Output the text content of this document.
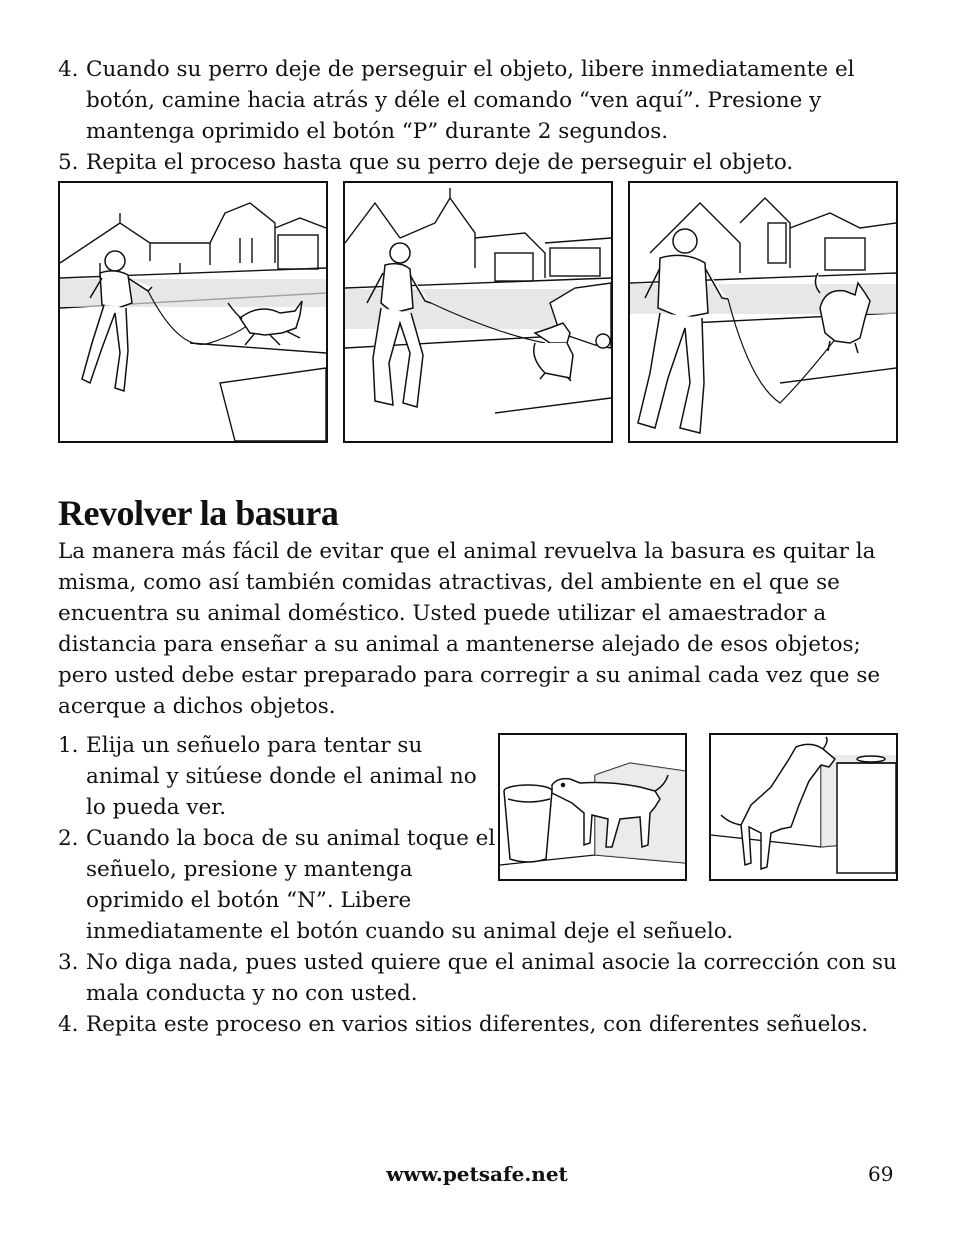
4. Cuando su perro deje de perseguir el objeto, libere inmediatamente el botón, camine hacia atrás y déle el comando “ven aquí”. Presione y mantenga oprimido el botón “P” durante 2 segundos.
5. Repita el proceso hasta que su perro deje de perseguir el objeto.
Revolver la basura

La manera más fácil de evitar que el animal revuelva la basura es quitar la misma, como así también comidas atractivas, del ambiente en el que se encuentra su animal doméstico. Usted puede utilizar el amaestrador a distancia para enseñar a su animal a mantenerse alejado de esos objetos; pero usted debe estar preparado para corregir a su animal cada vez que se acerque a dichos objetos.

1. Elija un señuelo para tentar su animal y sitúese donde el animal no lo pueda ver.
2. Cuando la boca de su animal toque el señuelo, presione y mantenga oprimido el botón “N”. Libere
inmediatamente el botón cuando su animal deje el señuelo.
3. No diga nada, pues usted quiere que el animal asocie la corrección con su mala conducta y no con usted.
4. Repita este proceso en varios sitios diferentes, con diferentes señuelos.
www.petsafe.net	69
